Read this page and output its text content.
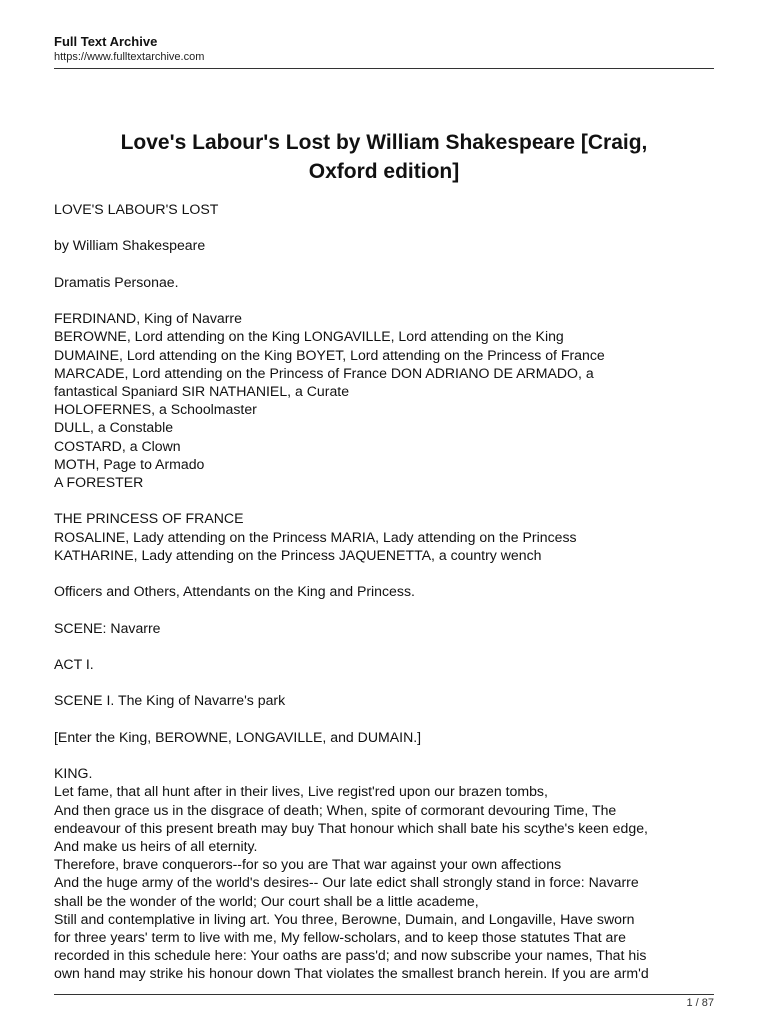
Full Text Archive
https://www.fulltextarchive.com
Love's Labour's Lost by William Shakespeare [Craig,
Oxford edition]

LOVE'S LABOUR'S LOST

by William Shakespeare

Dramatis Personae.

FERDINAND, King of Navarre

BEROWNE, Lord attending on the King LONGAVILLE, Lord attending on the King

DUMAINE, Lord attending on the King BOYET, Lord attending on the Princess of France

MARCADE, Lord attending on the Princess of France DON ADRIANO DE ARMADO, a

fantastical Spaniard SIR NATHANIEL, a Curate

HOLOFERNES, a Schoolmaster

DULL, a Constable

COSTARD, a Clown

MOTH, Page to Armado

A FORESTER

THE PRINCESS OF FRANCE

ROSALINE, Lady attending on the Princess MARIA, Lady attending on the Princess

KATHARINE, Lady attending on the Princess JAQUENETTA, a country wench

Officers and Others, Attendants on the King and Princess.

SCENE: Navarre

ACT I.

SCENE I. The King of Navarre's park

[Enter the King, BEROWNE, LONGAVILLE, and DUMAIN.]

KING.

Let fame, that all hunt after in their lives, Live regist'red upon our brazen tombs,

And then grace us in the disgrace of death; When, spite of cormorant devouring Time, The

endeavour of this present breath may buy That honour which shall bate his scythe's keen edge,

And make us heirs of all eternity.

Therefore, brave conquerors--for so you are That war against your own affections

And the huge army of the world's desires-- Our late edict shall strongly stand in force: Navarre

shall be the wonder of the world; Our court shall be a little academe,

Still and contemplative in living art. You three, Berowne, Dumain, and Longaville, Have sworn

for three years' term to live with me, My fellow-scholars, and to keep those statutes That are

recorded in this schedule here: Your oaths are pass'd; and now subscribe your names, That his

own hand may strike his honour down That violates the smallest branch herein. If you are arm'd

1 / 87
